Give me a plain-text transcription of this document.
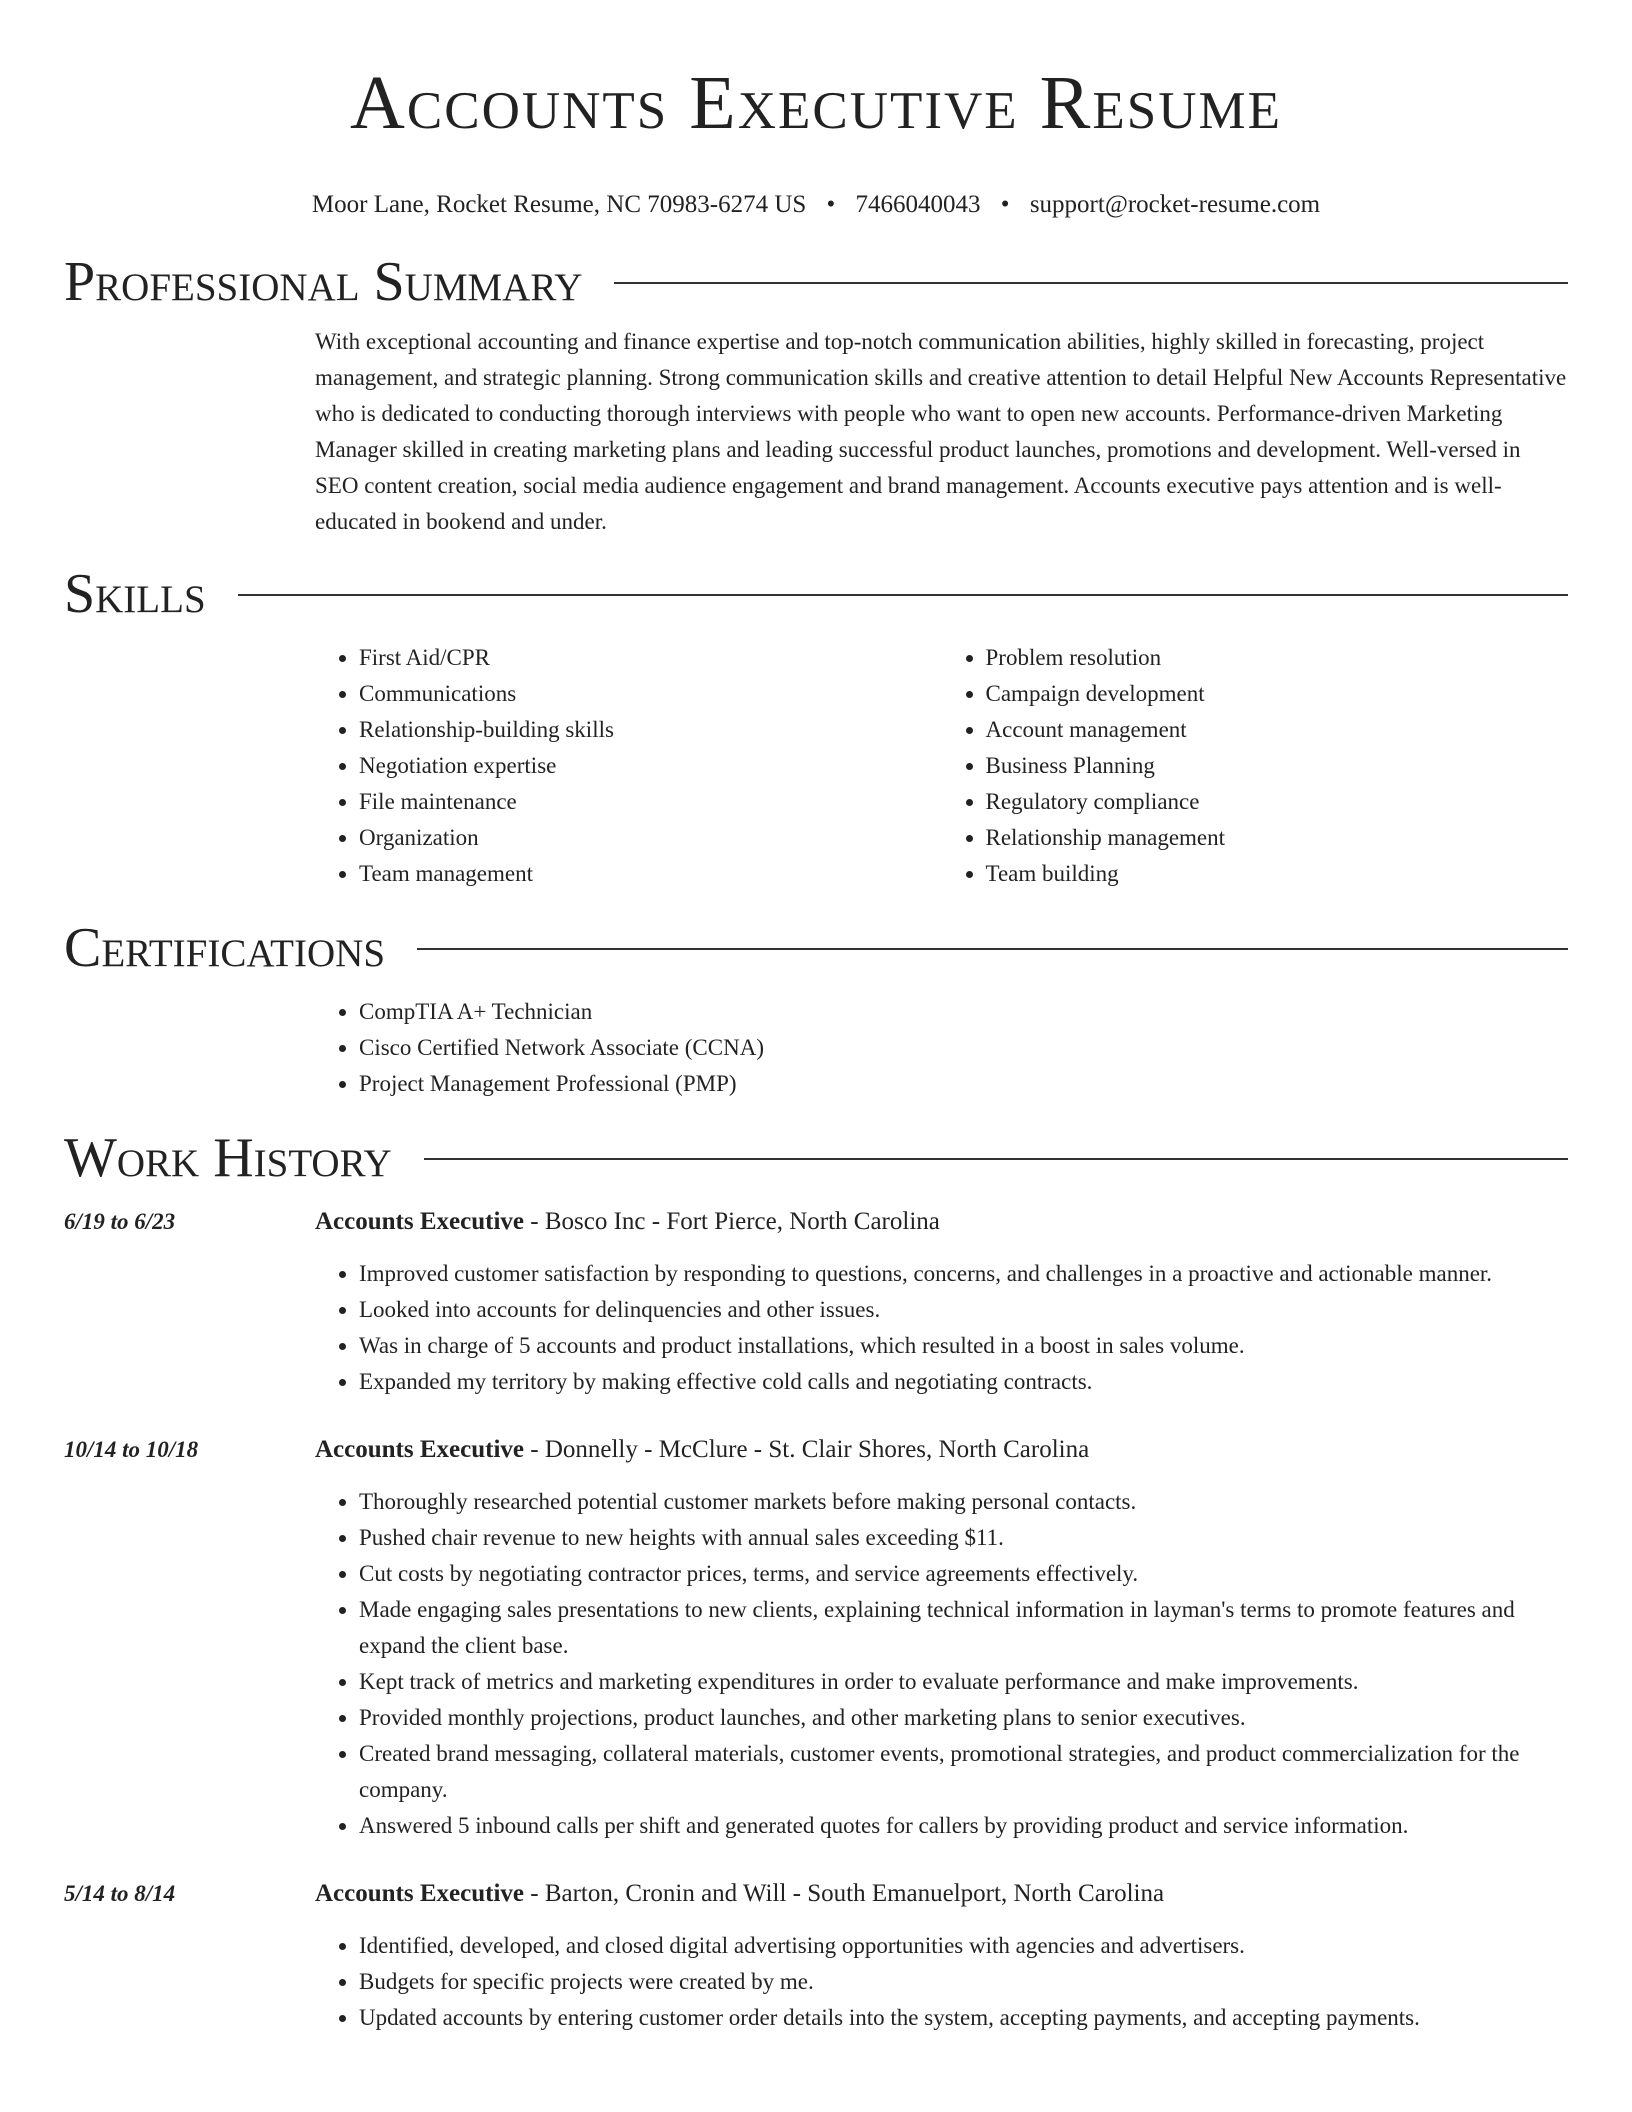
Accounts Executive Resume
Moor Lane, Rocket Resume, NC 70983-6274 US • 7466040043 • support@rocket-resume.com
Professional Summary
With exceptional accounting and finance expertise and top-notch communication abilities, highly skilled in forecasting, project management, and strategic planning. Strong communication skills and creative attention to detail Helpful New Accounts Representative who is dedicated to conducting thorough interviews with people who want to open new accounts. Performance-driven Marketing Manager skilled in creating marketing plans and leading successful product launches, promotions and development. Well-versed in SEO content creation, social media audience engagement and brand management. Accounts executive pays attention and is well-educated in bookend and under.
Skills
• First Aid/CPR
• Communications
• Relationship-building skills
• Negotiation expertise
• File maintenance
• Organization
• Team management
• Problem resolution
• Campaign development
• Account management
• Business Planning
• Regulatory compliance
• Relationship management
• Team building
Certifications
• CompTIA A+ Technician
• Cisco Certified Network Associate (CCNA)
• Project Management Professional (PMP)
Work History
6/19 to 6/23	Accounts Executive - Bosco Inc - Fort Pierce, North Carolina
• Improved customer satisfaction by responding to questions, concerns, and challenges in a proactive and actionable manner.
• Looked into accounts for delinquencies and other issues.
• Was in charge of 5 accounts and product installations, which resulted in a boost in sales volume.
• Expanded my territory by making effective cold calls and negotiating contracts.
10/14 to 10/18	Accounts Executive - Donnelly - McClure - St. Clair Shores, North Carolina
• Thoroughly researched potential customer markets before making personal contacts.
• Pushed chair revenue to new heights with annual sales exceeding $11.
• Cut costs by negotiating contractor prices, terms, and service agreements effectively.
• Made engaging sales presentations to new clients, explaining technical information in layman's terms to promote features and expand the client base.
• Kept track of metrics and marketing expenditures in order to evaluate performance and make improvements.
• Provided monthly projections, product launches, and other marketing plans to senior executives.
• Created brand messaging, collateral materials, customer events, promotional strategies, and product commercialization for the company.
• Answered 5 inbound calls per shift and generated quotes for callers by providing product and service information.
5/14 to 8/14	Accounts Executive - Barton, Cronin and Will - South Emanuelport, North Carolina
• Identified, developed, and closed digital advertising opportunities with agencies and advertisers.
• Budgets for specific projects were created by me.
• Updated accounts by entering customer order details into the system, accepting payments, and accepting payments.
